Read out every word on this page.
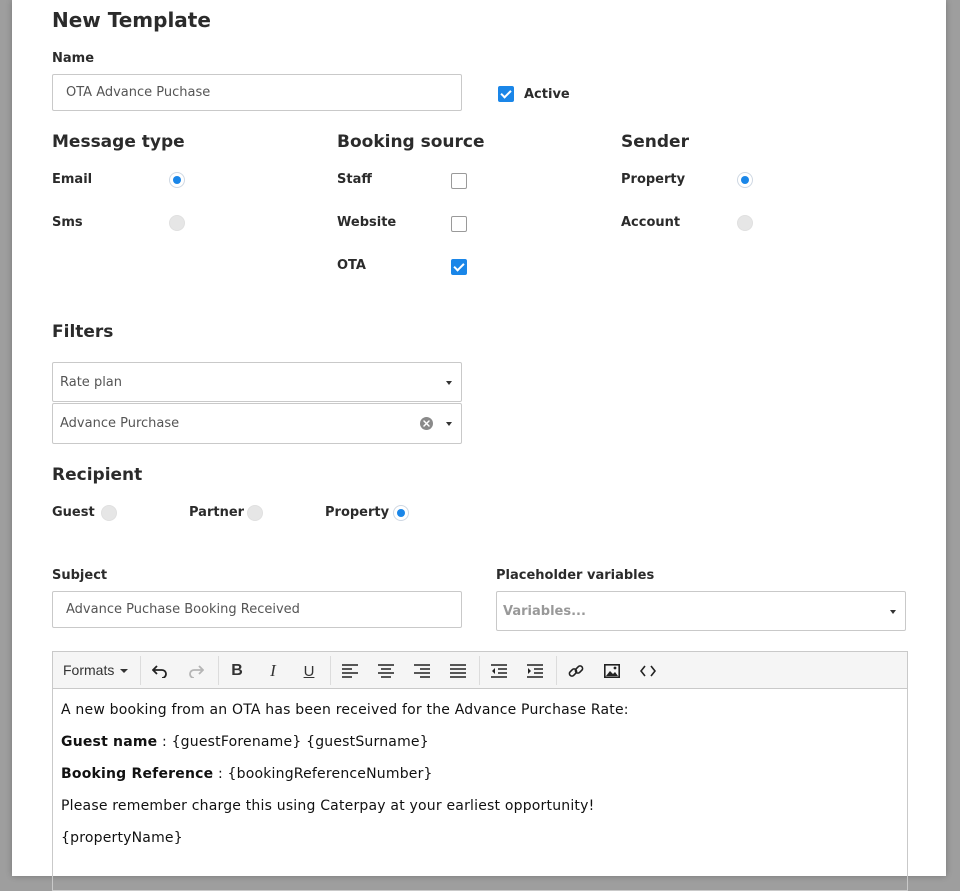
New Template
Name
OTA Advance Puchase	Active
Message type
Email
Sms
Booking source
Staff
Website
OTA
Sender
Property
Account
Filters
Rate plan
Advance Purchase
Recipient
Guest	Partner	Property
Subject
Advance Puchase Booking Received
Placeholder variables
Variables...
Formats	B	I	U

A new booking from an OTA has been received for the Advance Purchase Rate:

Guest name : {guestForename} {guestSurname}

Booking Reference : {bookingReferenceNumber}

Please remember charge this using Caterpay at your earliest opportunity!

{propertyName}
